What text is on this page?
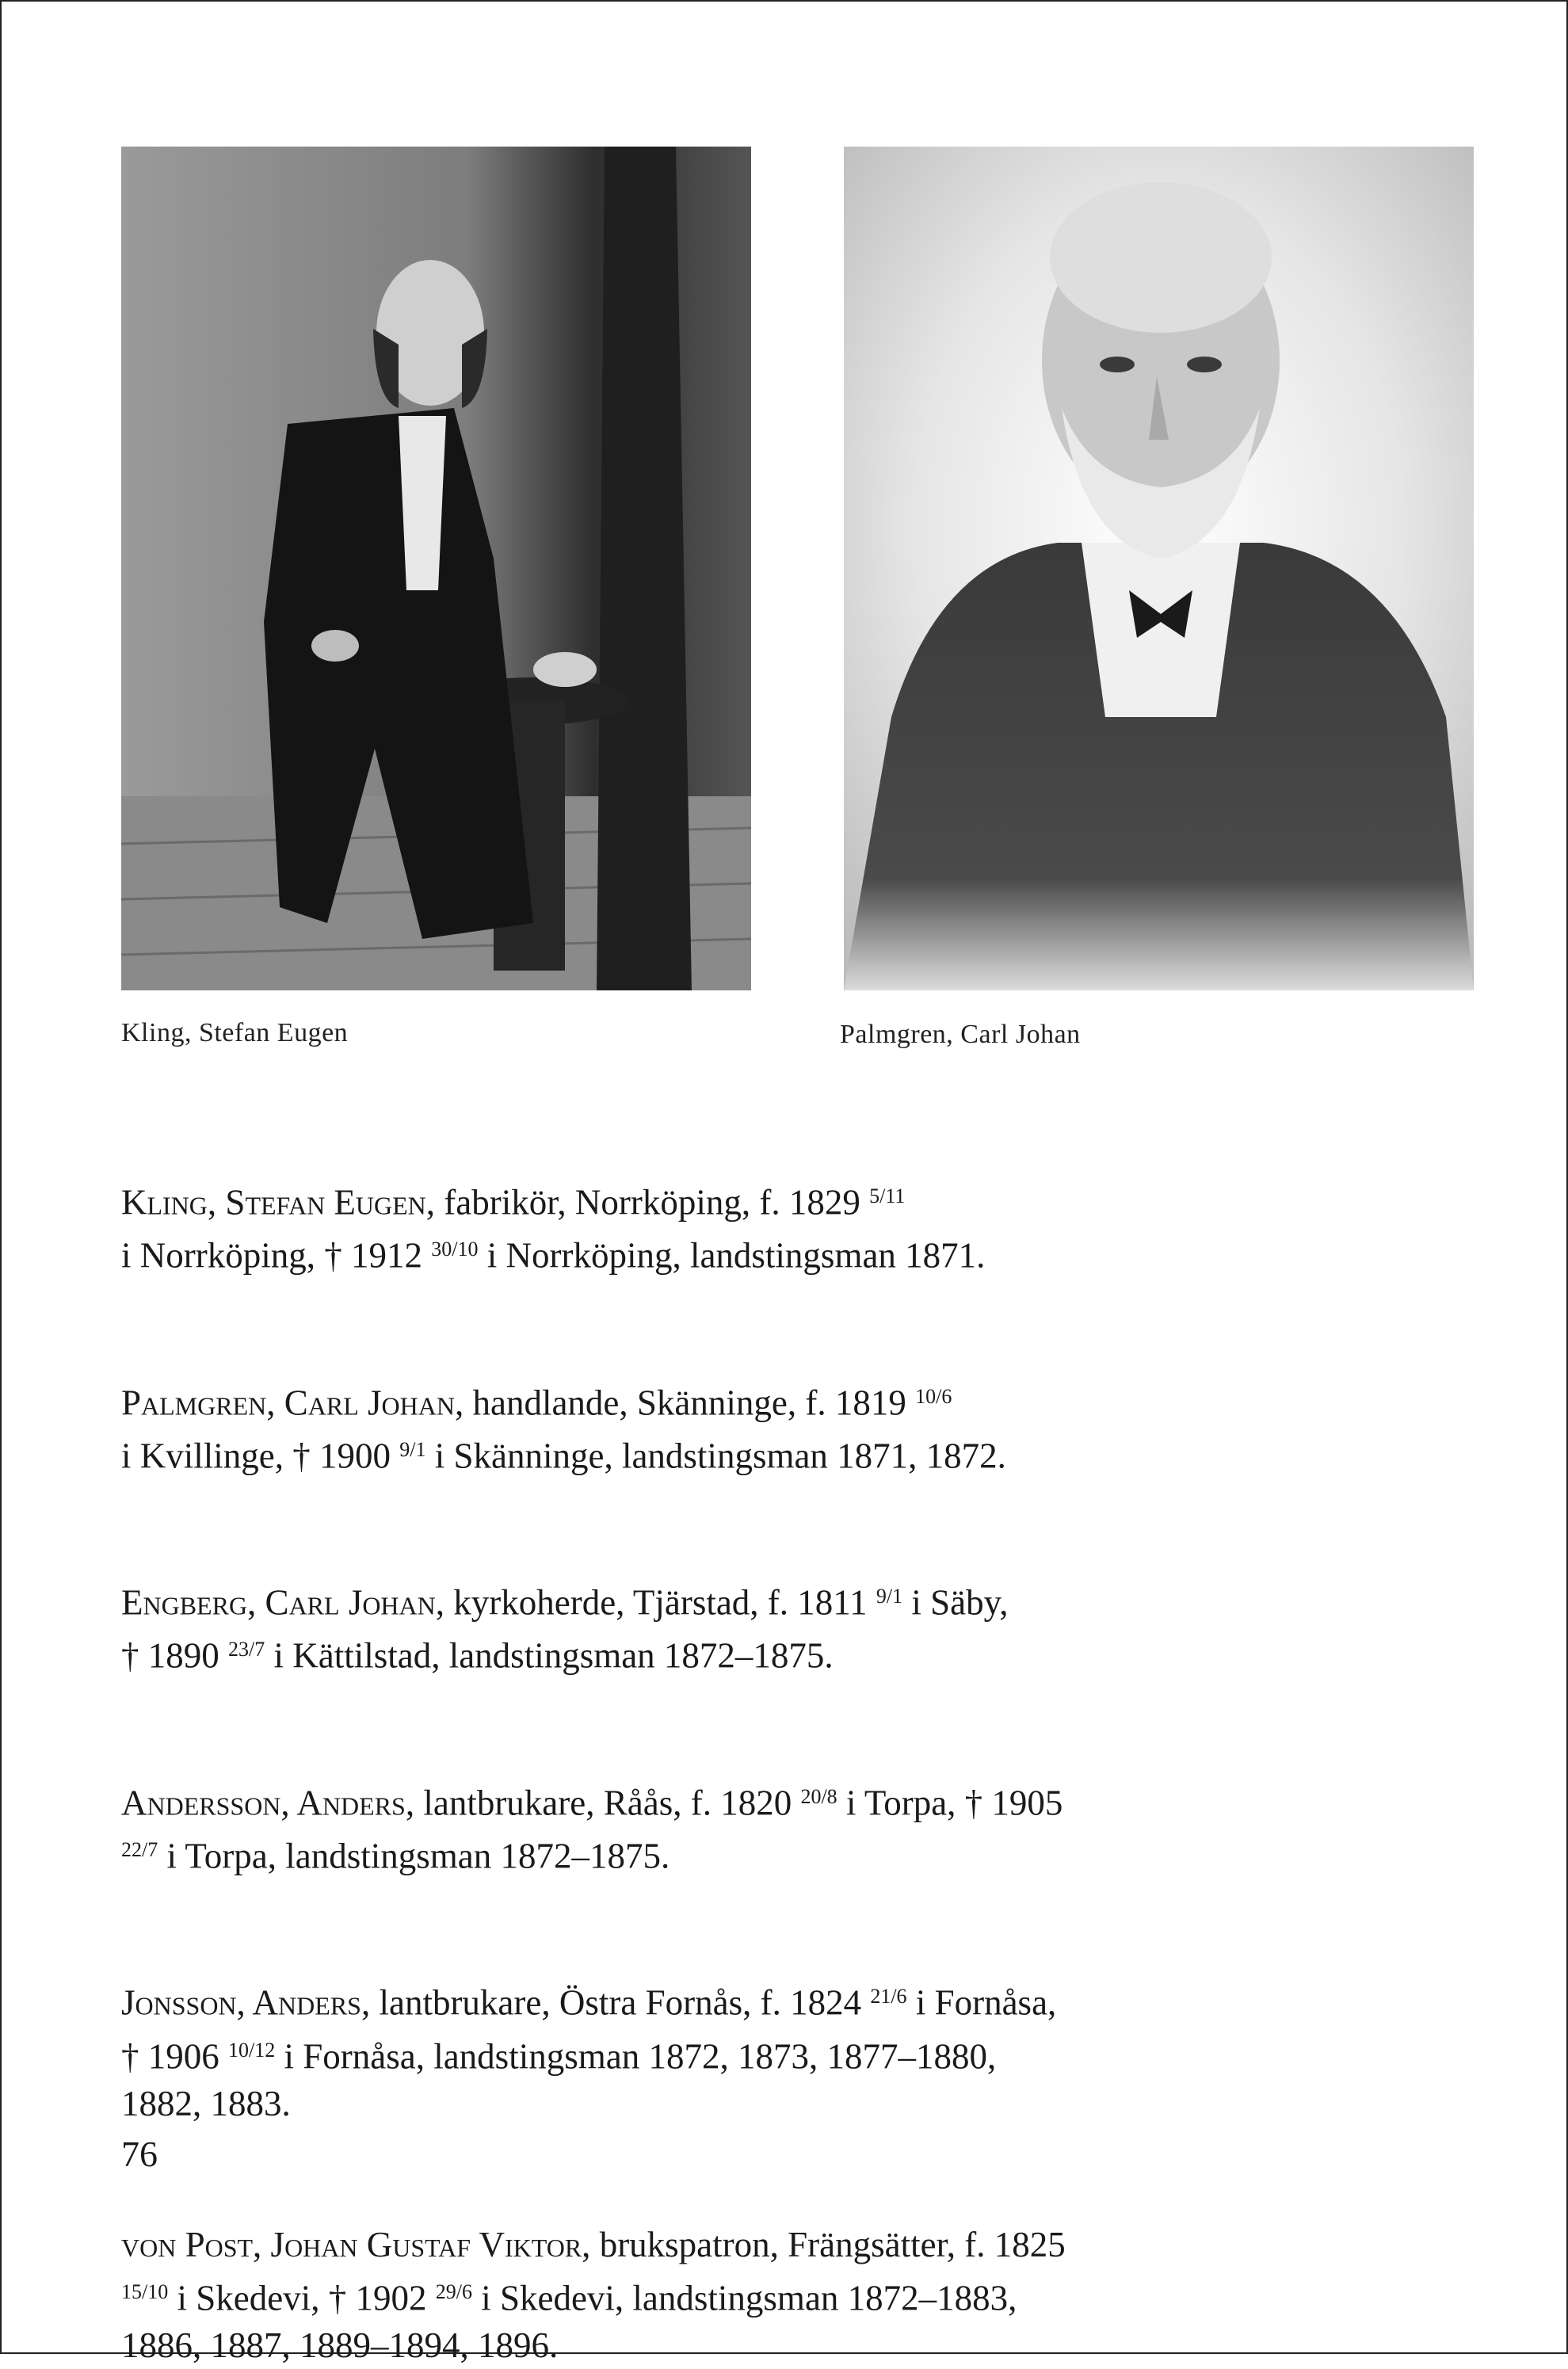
Kling, Stefan Eugen	Palmgren, Carl Johan
Kling, Stefan Eugen, fabrikör, Norrköping, f. 1829 $^{5/11}$
i Norrköping, † 1912 $^{30/10}$ i Norrköping, landstingsman 1871.
Palmgren, Carl Johan, handlande, Skänninge, f. 1819 $^{10/6}$
i Kvillinge, † 1900 $^{9/1}$ i Skänninge, landstingsman 1871, 1872.
Engberg, Carl Johan, kyrkoherde, Tjärstad, f. 1811 $^{9/1}$ i Säby,
† 1890 $^{23/7}$ i Kättilstad, landstingsman 1872–1875.
Andersson, Anders, lantbrukare, Råås, f. 1820 $^{20/8}$ i Torpa, † 1905
$^{22/7}$ i Torpa, landstingsman 1872–1875.
Jonsson, Anders, lantbrukare, Östra Fornås, f. 1824 $^{21/6}$ i Fornåsa,
† 1906 $^{10/12}$ i Fornåsa, landstingsman 1872, 1873, 1877–1880,
1882, 1883.
von Post, Johan Gustaf Viktor, brukspatron, Frängsätter, f. 1825
$^{15/10}$ i Skedevi, † 1902 $^{29/6}$ i Skedevi, landstingsman 1872–1883,
1886, 1887, 1889–1894, 1896.
76
